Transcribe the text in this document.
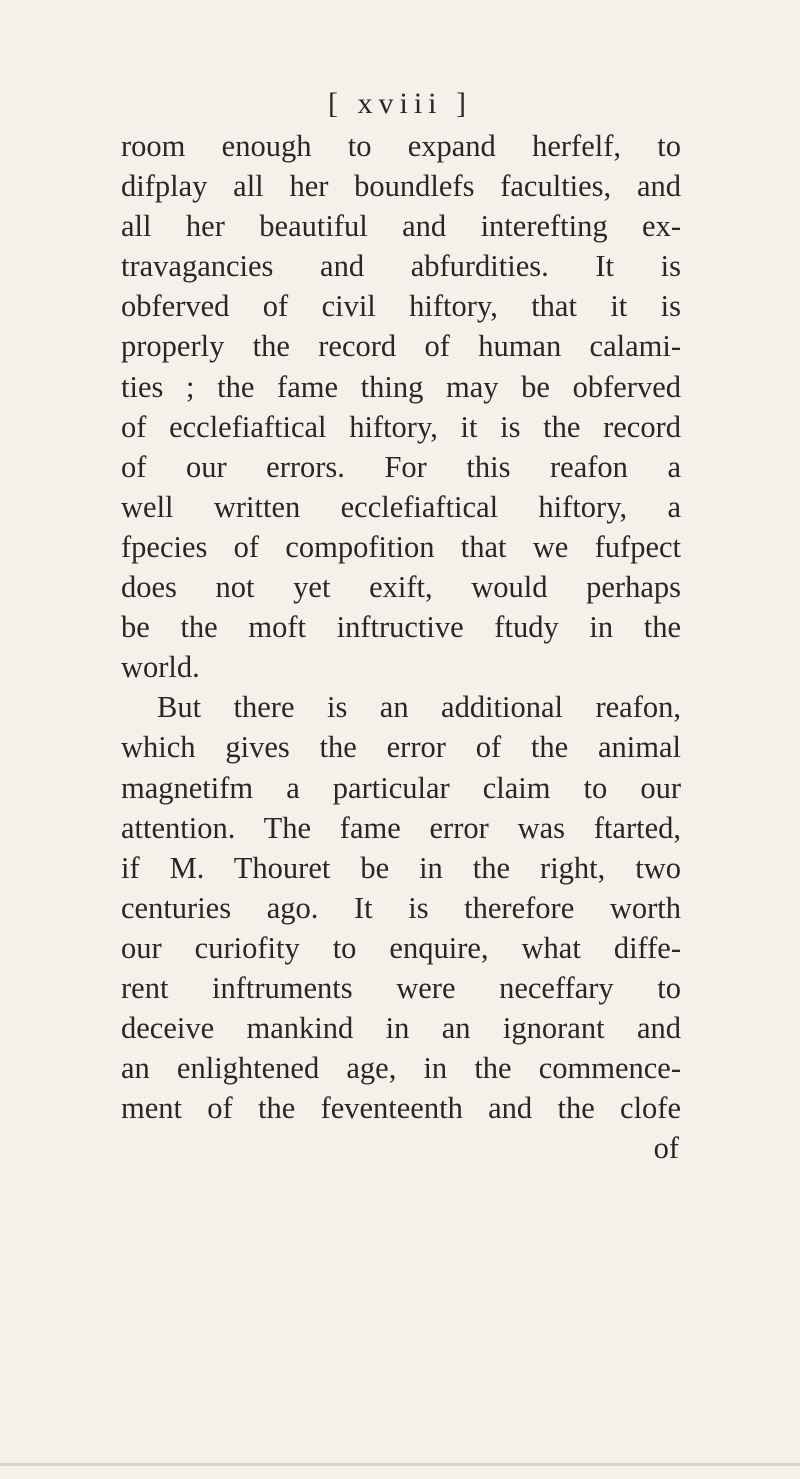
[ xviii ]
room enough to expand herfelf, to
difplay all her boundlefs faculties, and
all her beautiful and interefting ex-
travagancies and abfurdities. It is
obferved of civil hiftory, that it is
properly the record of human calami-
ties ; the fame thing may be obferved
of ecclefiaftical hiftory, it is the record
of our errors. For this reafon a
well written ecclefiaftical hiftory, a
fpecies of compofition that we fufpect
does not yet exift, would perhaps
be the moft inftructive ftudy in the
world.
But there is an additional reafon,
which gives the error of the animal
magnetifm a particular claim to our
attention. The fame error was ftarted,
if M. Thouret be in the right, two
centuries ago. It is therefore worth
our curiofity to enquire, what diffe-
rent inftruments were neceffary to
deceive mankind in an ignorant and
an enlightened age, in the commence-
ment of the feventeenth and the clofe
of
